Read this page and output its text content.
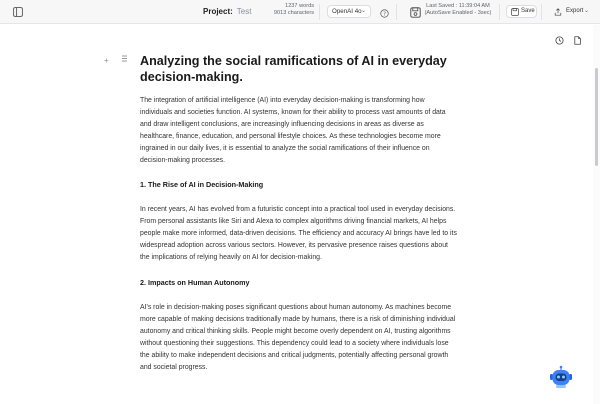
Project: Test
1237 words
9013 characters	OpenAI 4o ⌄	?
Last Saved : 11:39:04 AM
(AutoSave Enabled - 3sec)	Save	Export ⌄
+ Analyzing the social ramifications of AI in everyday decision-making.

The integration of artificial intelligence (AI) into everyday decision-making is transforming how individuals and societies function. AI systems, known for their ability to process vast amounts of data and draw intelligent conclusions, are increasingly influencing decisions in areas as diverse as healthcare, finance, education, and personal lifestyle choices. As these technologies become more ingrained in our daily lives, it is essential to analyze the social ramifications of their influence on decision-making processes.

1. The Rise of AI in Decision-Making

In recent years, AI has evolved from a futuristic concept into a practical tool used in everyday decisions. From personal assistants like Siri and Alexa to complex algorithms driving financial markets, AI helps people make more informed, data-driven decisions. The efficiency and accuracy AI brings have led to its widespread adoption across various sectors. However, its pervasive presence raises questions about the implications of relying heavily on AI for decision-making.

2. Impacts on Human Autonomy

AI's role in decision-making poses significant questions about human autonomy. As machines become more capable of making decisions traditionally made by humans, there is a risk of diminishing individual autonomy and critical thinking skills. People might become overly dependent on AI, trusting algorithms without questioning their suggestions. This dependency could lead to a society where individuals lose the ability to make independent decisions and critical judgments, potentially affecting personal growth and societal progress.
